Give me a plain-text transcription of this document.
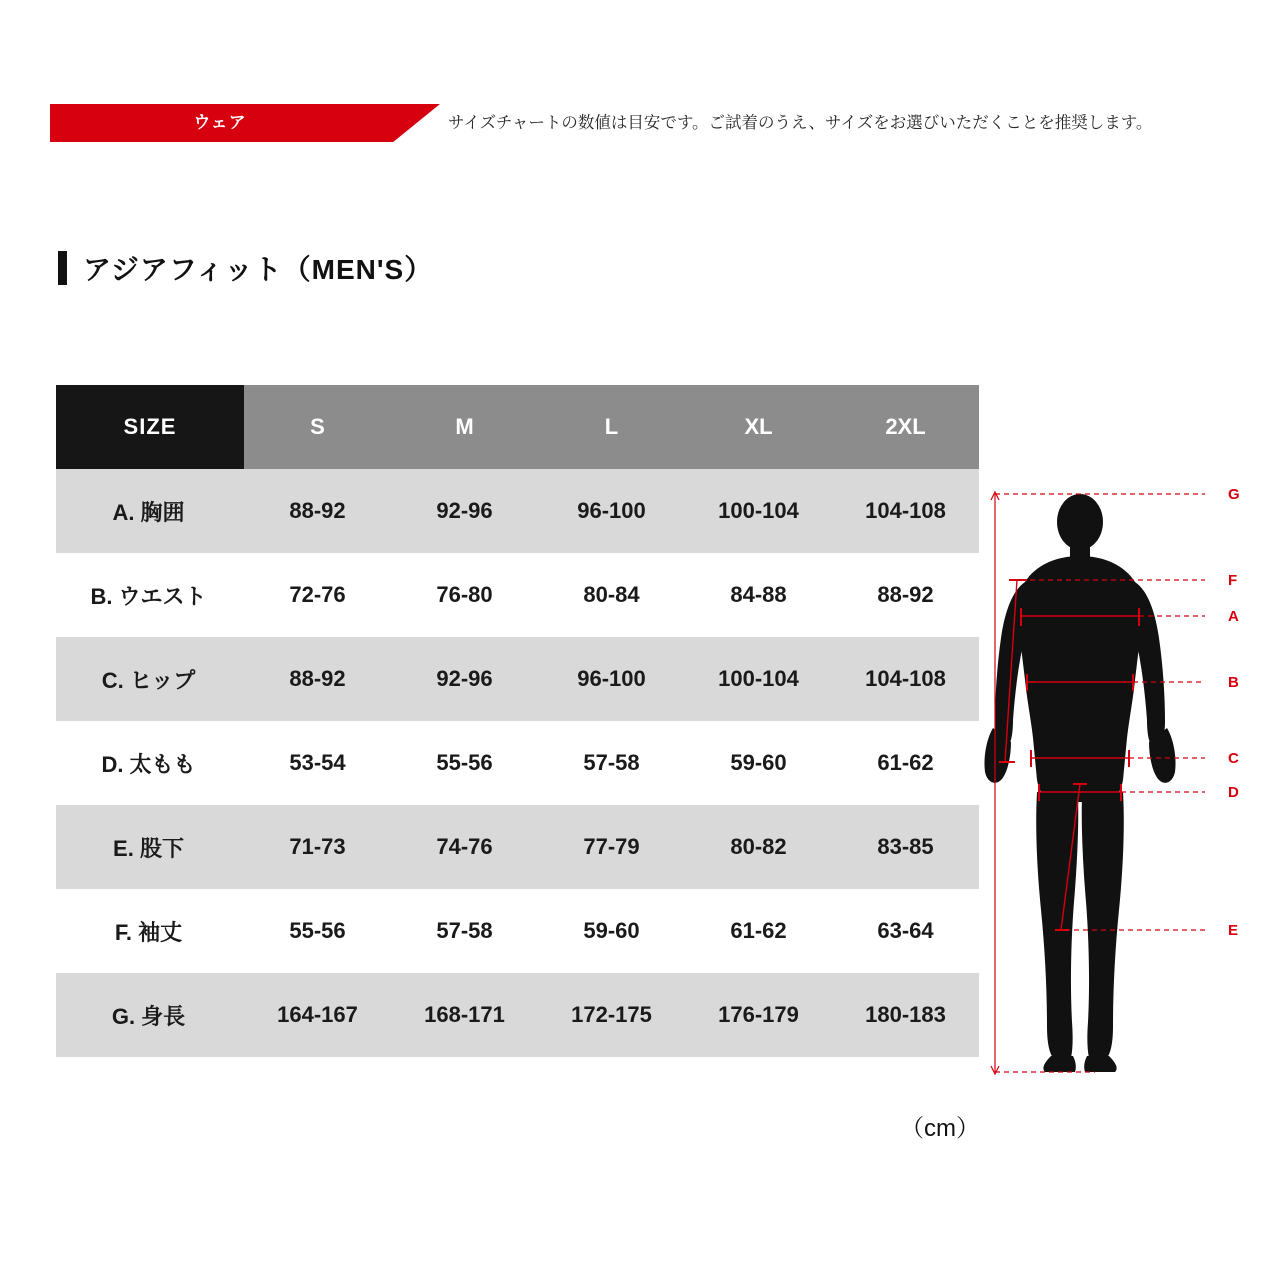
ウェア	サイズチャートの数値は目安です。ご試着のうえ、サイズをお選びいただくことを推奨します。
アジアフィット（MEN'S）
SIZE	S	M	L	XL	2XL
A. 胸囲	88-92	92-96	96-100	100-104	104-108
B. ウエスト	72-76	76-80	80-84	84-88	88-92
C. ヒップ	88-92	92-96	96-100	100-104	104-108
D. 太もも	53-54	55-56	57-58	59-60	61-62
E. 股下	71-73	74-76	77-79	80-82	83-85
F. 袖丈	55-56	57-58	59-60	61-62	63-64
G. 身長	164-167	168-171	172-175	176-179	180-183
（cm）
G
F
A
B
C
D
E
